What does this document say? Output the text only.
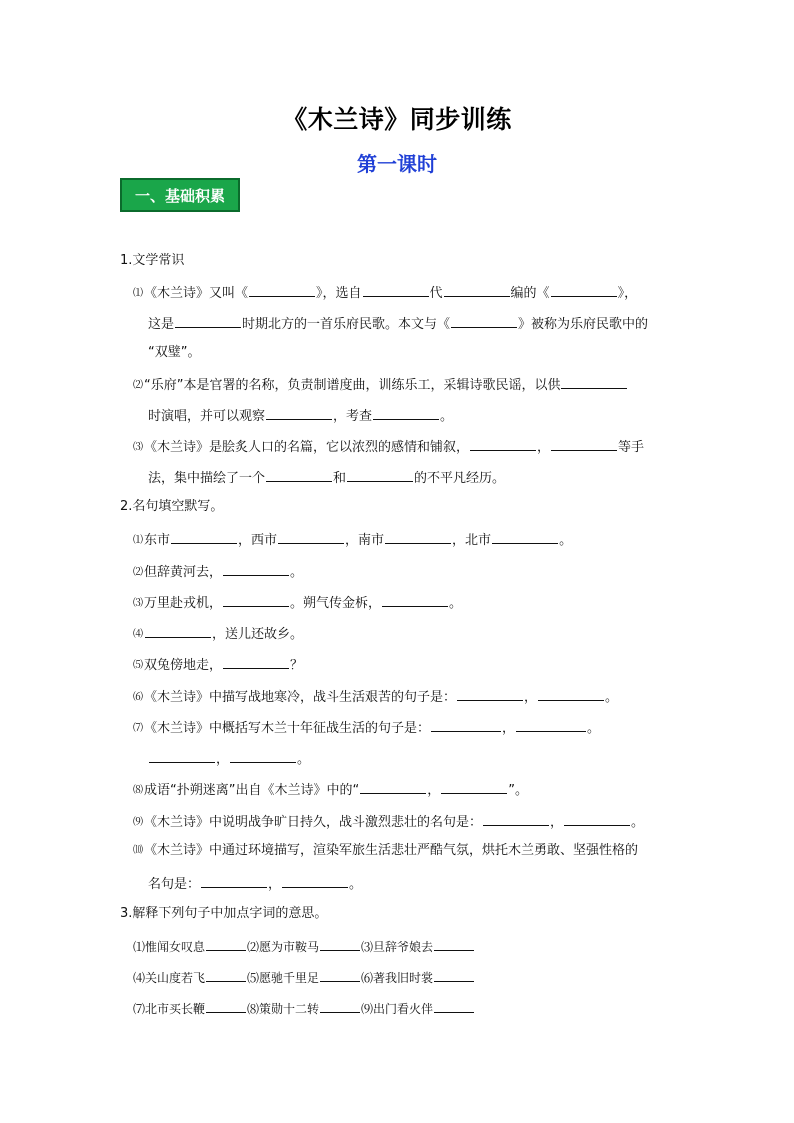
《木兰诗》同步训练
第一课时
一、基础积累
1.文学常识
⑴《木兰诗》又叫《	》，选自	代	编的《	》，
这是	时期北方的一首乐府民歌。本文与《	》被称为乐府民歌中的
“双璧”。
⑵“乐府”本是官署的名称，负责制谱度曲，训练乐工，采辑诗歌民谣，以供
时演唱，并可以观察	，考查	。
⑶《木兰诗》是脍炙人口的名篇，它以浓烈的感情和铺叙，	，	等手
法，集中描绘了一个	和	的不平凡经历。
2.名句填空默写。
⑴东市	，西市	，南市	，北市	。
⑵但辞黄河去，	。
⑶万里赴戎机，	。朔气传金柝，	。
⑷	，送儿还故乡。
⑸双兔傍地走，	？
⑹《木兰诗》中描写战地寒冷，战斗生活艰苦的句子是：	，	。
⑺《木兰诗》中概括写木兰十年征战生活的句子是：	，	。
，	。
⑻成语“扑朔迷离”出自《木兰诗》中的“	，	”。
⑼《木兰诗》中说明战争旷日持久，战斗激烈悲壮的名句是：	，	。
⑽《木兰诗》中通过环境描写，渲染军旅生活悲壮严酷气氛，烘托木兰勇敢、坚强性格的
名句是：	，	。
3.解释下列句子中加点字词的意思。
⑴惟闻女叹息	⑵愿为市鞍马	⑶旦辞爷娘去
⑷关山度若飞	⑸愿驰千里足	⑹著我旧时裳
⑺北市买长鞭	⑻策勋十二转	⑼出门看火伴
